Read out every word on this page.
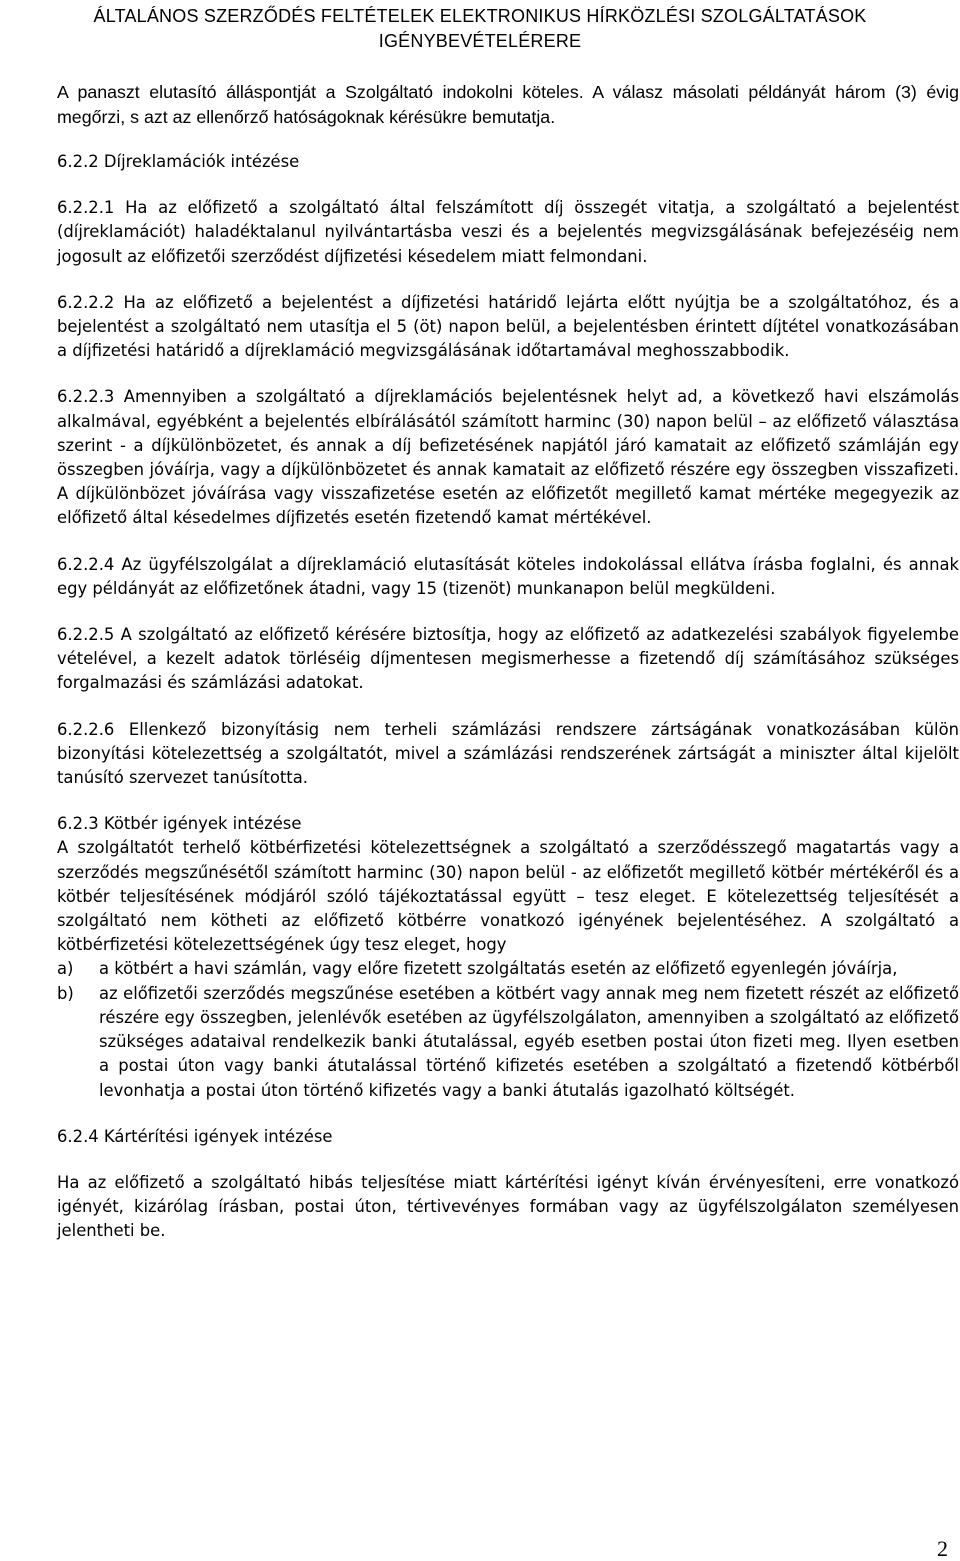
ÁLTALÁNOS SZERZŐDÉS FELTÉTELEK ELEKTRONIKUS HÍRKÖZLÉSI SZOLGÁLTATÁSOK
IGÉNYBEVÉTELÉRERE

A panaszt elutasító álláspontját a Szolgáltató indokolni köteles. A válasz másolati példányát három (3) évig megőrzi, s azt az ellenőrző hatóságoknak kérésükre bemutatja.

6.2.2 Díjreklamációk intézése
6.2.2.1 Ha az előfizető a szolgáltató által felszámított díj összegét vitatja, a szolgáltató a bejelentést (díjreklamációt) haladéktalanul nyilvántartásba veszi és a bejelentés megvizsgálásának befejezéséig nem jogosult az előfizetői szerződést díjfizetési késedelem miatt felmondani.
6.2.2.2 Ha az előfizető a bejelentést a díjfizetési határidő lejárta előtt nyújtja be a szolgáltatóhoz, és a bejelentést a szolgáltató nem utasítja el 5 (öt) napon belül, a bejelentésben érintett díjtétel vonatkozásában a díjfizetési határidő a díjreklamáció megvizsgálásának időtartamával meghosszabbodik.
6.2.2.3 Amennyiben a szolgáltató a díjreklamációs bejelentésnek helyt ad, a következő havi elszámolás alkalmával, egyébként a bejelentés elbírálásától számított harminc (30) napon belül – az előfizető választása szerint - a díjkülönbözetet, és annak a díj befizetésének napjától járó kamatait az előfizető számláján egy összegben jóváírja, vagy a díjkülönbözetet és annak kamatait az előfizető részére egy összegben visszafizeti. A díjkülönbözet jóváírása vagy visszafizetése esetén az előfizetőt megillető kamat mértéke megegyezik az előfizető által késedelmes díjfizetés esetén fizetendő kamat mértékével.
6.2.2.4 Az ügyfélszolgálat a díjreklamáció elutasítását köteles indokolással ellátva írásba foglalni, és annak egy példányát az előfizetőnek átadni, vagy 15 (tizenöt) munkanapon belül megküldeni.
6.2.2.5 A szolgáltató az előfizető kérésére biztosítja, hogy az előfizető az adatkezelési szabályok figyelembe vételével, a kezelt adatok törléséig díjmentesen megismerhesse a fizetendő díj számításához szükséges forgalmazási és számlázási adatokat.
6.2.2.6 Ellenkező bizonyításig nem terheli számlázási rendszere zártságának vonatkozásában külön bizonyítási kötelezettség a szolgáltatót, mivel a számlázási rendszerének zártságát a miniszter által kijelölt tanúsító szervezet tanúsította.
6.2.3 Kötbér igények intézése
A szolgáltatót terhelő kötbérfizetési kötelezettségnek a szolgáltató a szerződésszegő magatartás vagy a szerződés megszűnésétől számított harminc (30) napon belül - az előfizetőt megillető kötbér mértékéről és a kötbér teljesítésének módjáról szóló tájékoztatással együtt – tesz eleget. E kötelezettség teljesítését a szolgáltató nem kötheti az előfizető kötbérre vonatkozó igényének bejelentéséhez. A szolgáltató a kötbérfizetési kötelezettségének úgy tesz eleget, hogy
a)	a kötbért a havi számlán, vagy előre fizetett szolgáltatás esetén az előfizető egyenlegén jóváírja,
b)	az előfizetői szerződés megszűnése esetében a kötbért vagy annak meg nem fizetett részét az előfizető részére egy összegben, jelenlévők esetében az ügyfélszolgálaton, amennyiben a szolgáltató az előfizető szükséges adataival rendelkezik banki átutalással, egyéb esetben postai úton fizeti meg. Ilyen esetben a postai úton vagy banki átutalással történő kifizetés esetében a szolgáltató a fizetendő kötbérből levonhatja a postai úton történő kifizetés vagy a banki átutalás igazolható költségét.
6.2.4 Kártérítési igények intézése
Ha az előfizető a szolgáltató hibás teljesítése miatt kártérítési igényt kíván érvényesíteni, erre vonatkozó igényét, kizárólag írásban, postai úton, tértivevényes formában vagy az ügyfélszolgálaton személyesen jelentheti be.
2
